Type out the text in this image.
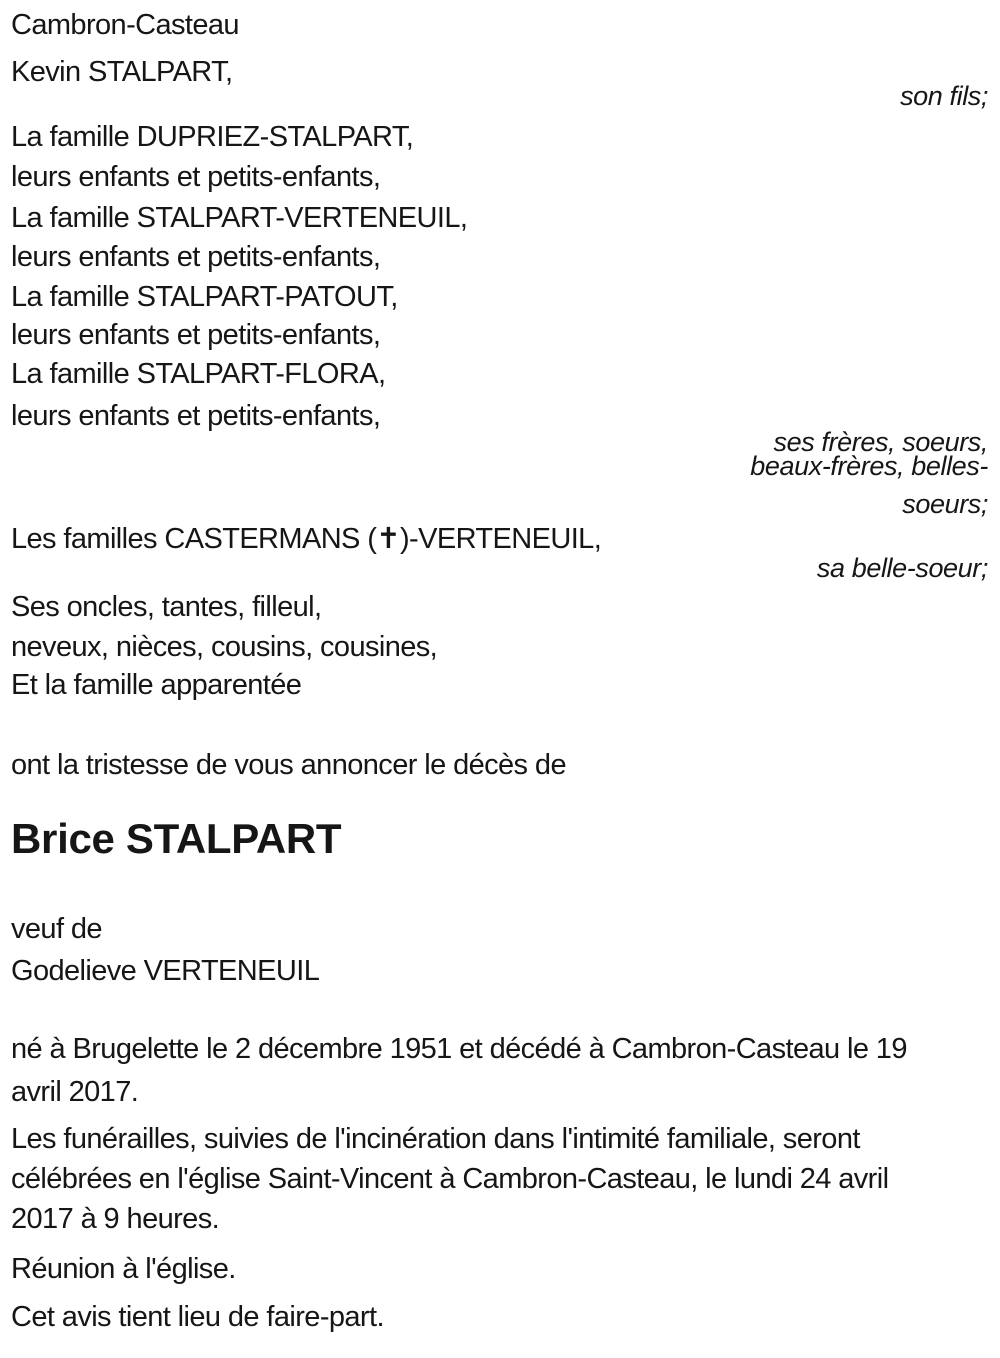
Cambron-Casteau
Kevin STALPART,
son fils;
La famille DUPRIEZ-STALPART,
leurs enfants et petits-enfants,
La famille STALPART-VERTENEUIL,
leurs enfants et petits-enfants,
La famille STALPART-PATOUT,
leurs enfants et petits-enfants,
La famille STALPART-FLORA,
leurs enfants et petits-enfants,
ses frères, soeurs,
beaux-frères, belles-
soeurs;
Les familles CASTERMANS (✝)-VERTENEUIL,
sa belle-soeur;
Ses oncles, tantes, filleul,
neveux, nièces, cousins, cousines,
Et la famille apparentée
ont la tristesse de vous annoncer le décès de
Brice STALPART
veuf de
Godelieve VERTENEUIL
né à Brugelette le 2 décembre 1951 et décédé à Cambron-Casteau le 19
avril 2017.
Les funérailles, suivies de l'incinération dans l'intimité familiale, seront
célébrées en l'église Saint-Vincent à Cambron-Casteau, le lundi 24 avril
2017 à 9 heures.
Réunion à l'église.
Cet avis tient lieu de faire-part.
